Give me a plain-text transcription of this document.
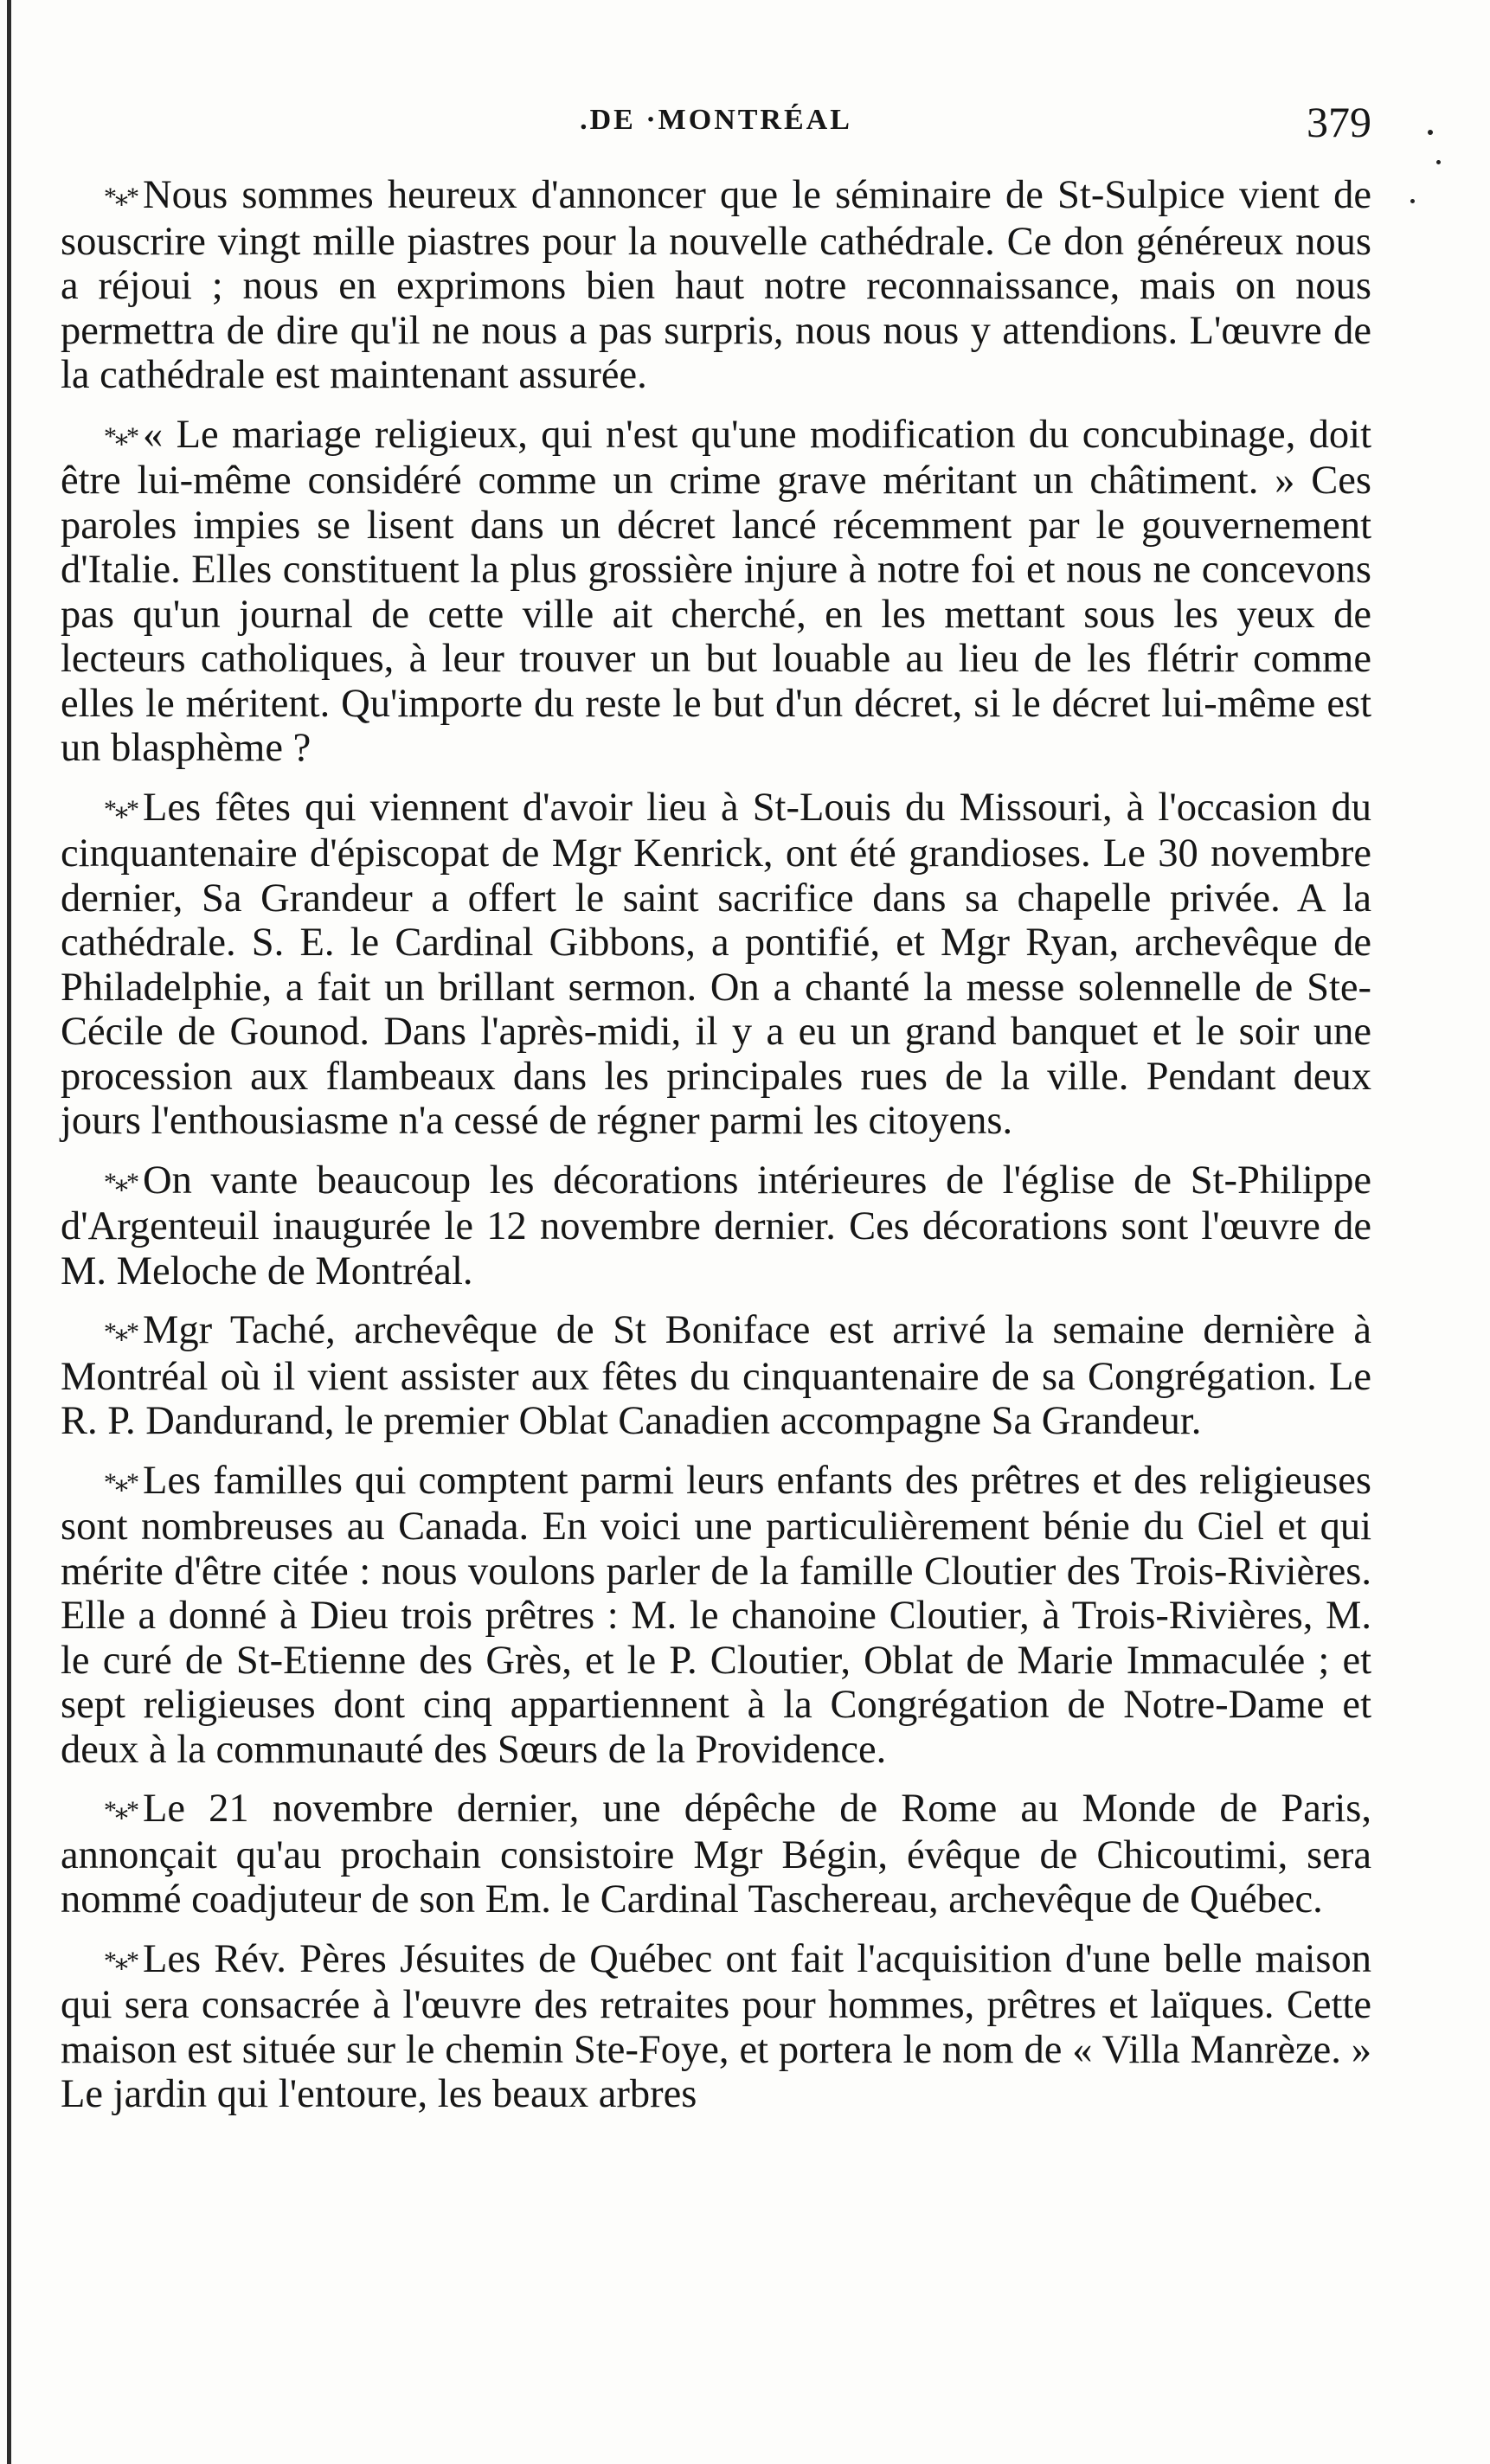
.DE ·MONTRÉAL	379

*⁎* Nous sommes heureux d'annoncer que le séminaire de St-Sulpice vient de souscrire vingt mille piastres pour la nouvelle cathédrale. Ce don généreux nous a réjoui ; nous en exprimons bien haut notre reconnaissance, mais on nous permettra de dire qu'il ne nous a pas surpris, nous nous y attendions. L'œuvre de la cathédrale est maintenant assurée.

*⁎* « Le mariage religieux, qui n'est qu'une modification du concubinage, doit être lui-même considéré comme un crime grave méritant un châtiment. » Ces paroles impies se lisent dans un décret lancé récemment par le gouvernement d'Italie. Elles constituent la plus grossière injure à notre foi et nous ne concevons pas qu'un journal de cette ville ait cherché, en les mettant sous les yeux de lecteurs catholiques, à leur trouver un but louable au lieu de les flétrir comme elles le méritent. Qu'importe du reste le but d'un décret, si le décret lui-même est un blasphème ?

*⁎* Les fêtes qui viennent d'avoir lieu à St-Louis du Missouri, à l'occasion du cinquantenaire d'épiscopat de Mgr Kenrick, ont été grandioses. Le 30 novembre dernier, Sa Grandeur a offert le saint sacrifice dans sa chapelle privée. A la cathédrale. S. E. le Cardinal Gibbons, a pontifié, et Mgr Ryan, archevêque de Philadelphie, a fait un brillant sermon. On a chanté la messe solennelle de Ste-Cécile de Gounod. Dans l'après-midi, il y a eu un grand banquet et le soir une procession aux flambeaux dans les principales rues de la ville. Pendant deux jours l'enthousiasme n'a cessé de régner parmi les citoyens.

*⁎* On vante beaucoup les décorations intérieures de l'église de St-Philippe d'Argenteuil inaugurée le 12 novembre dernier. Ces décorations sont l'œuvre de M. Meloche de Montréal.

*⁎* Mgr Taché, archevêque de St Boniface est arrivé la semaine dernière à Montréal où il vient assister aux fêtes du cinquantenaire de sa Congrégation. Le R. P. Dandurand, le premier Oblat Canadien accompagne Sa Grandeur.

*⁎* Les familles qui comptent parmi leurs enfants des prêtres et des religieuses sont nombreuses au Canada. En voici une particulièrement bénie du Ciel et qui mérite d'être citée : nous voulons parler de la famille Cloutier des Trois-Rivières. Elle a donné à Dieu trois prêtres : M. le chanoine Cloutier, à Trois-Rivières, M. le curé de St-Etienne des Grès, et le P. Cloutier, Oblat de Marie Immaculée ; et sept religieuses dont cinq appartiennent à la Congrégation de Notre-Dame et deux à la communauté des Sœurs de la Providence.

*⁎* Le 21 novembre dernier, une dépêche de Rome au Monde de Paris, annonçait qu'au prochain consistoire Mgr Bégin, évêque de Chicoutimi, sera nommé coadjuteur de son Em. le Cardinal Taschereau, archevêque de Québec.

*⁎* Les Rév. Pères Jésuites de Québec ont fait l'acquisition d'une belle maison qui sera consacrée à l'œuvre des retraites pour hommes, prêtres et laïques. Cette maison est située sur le chemin Ste-Foye, et portera le nom de « Villa Manrèze. » Le jardin qui l'entoure, les beaux arbres
